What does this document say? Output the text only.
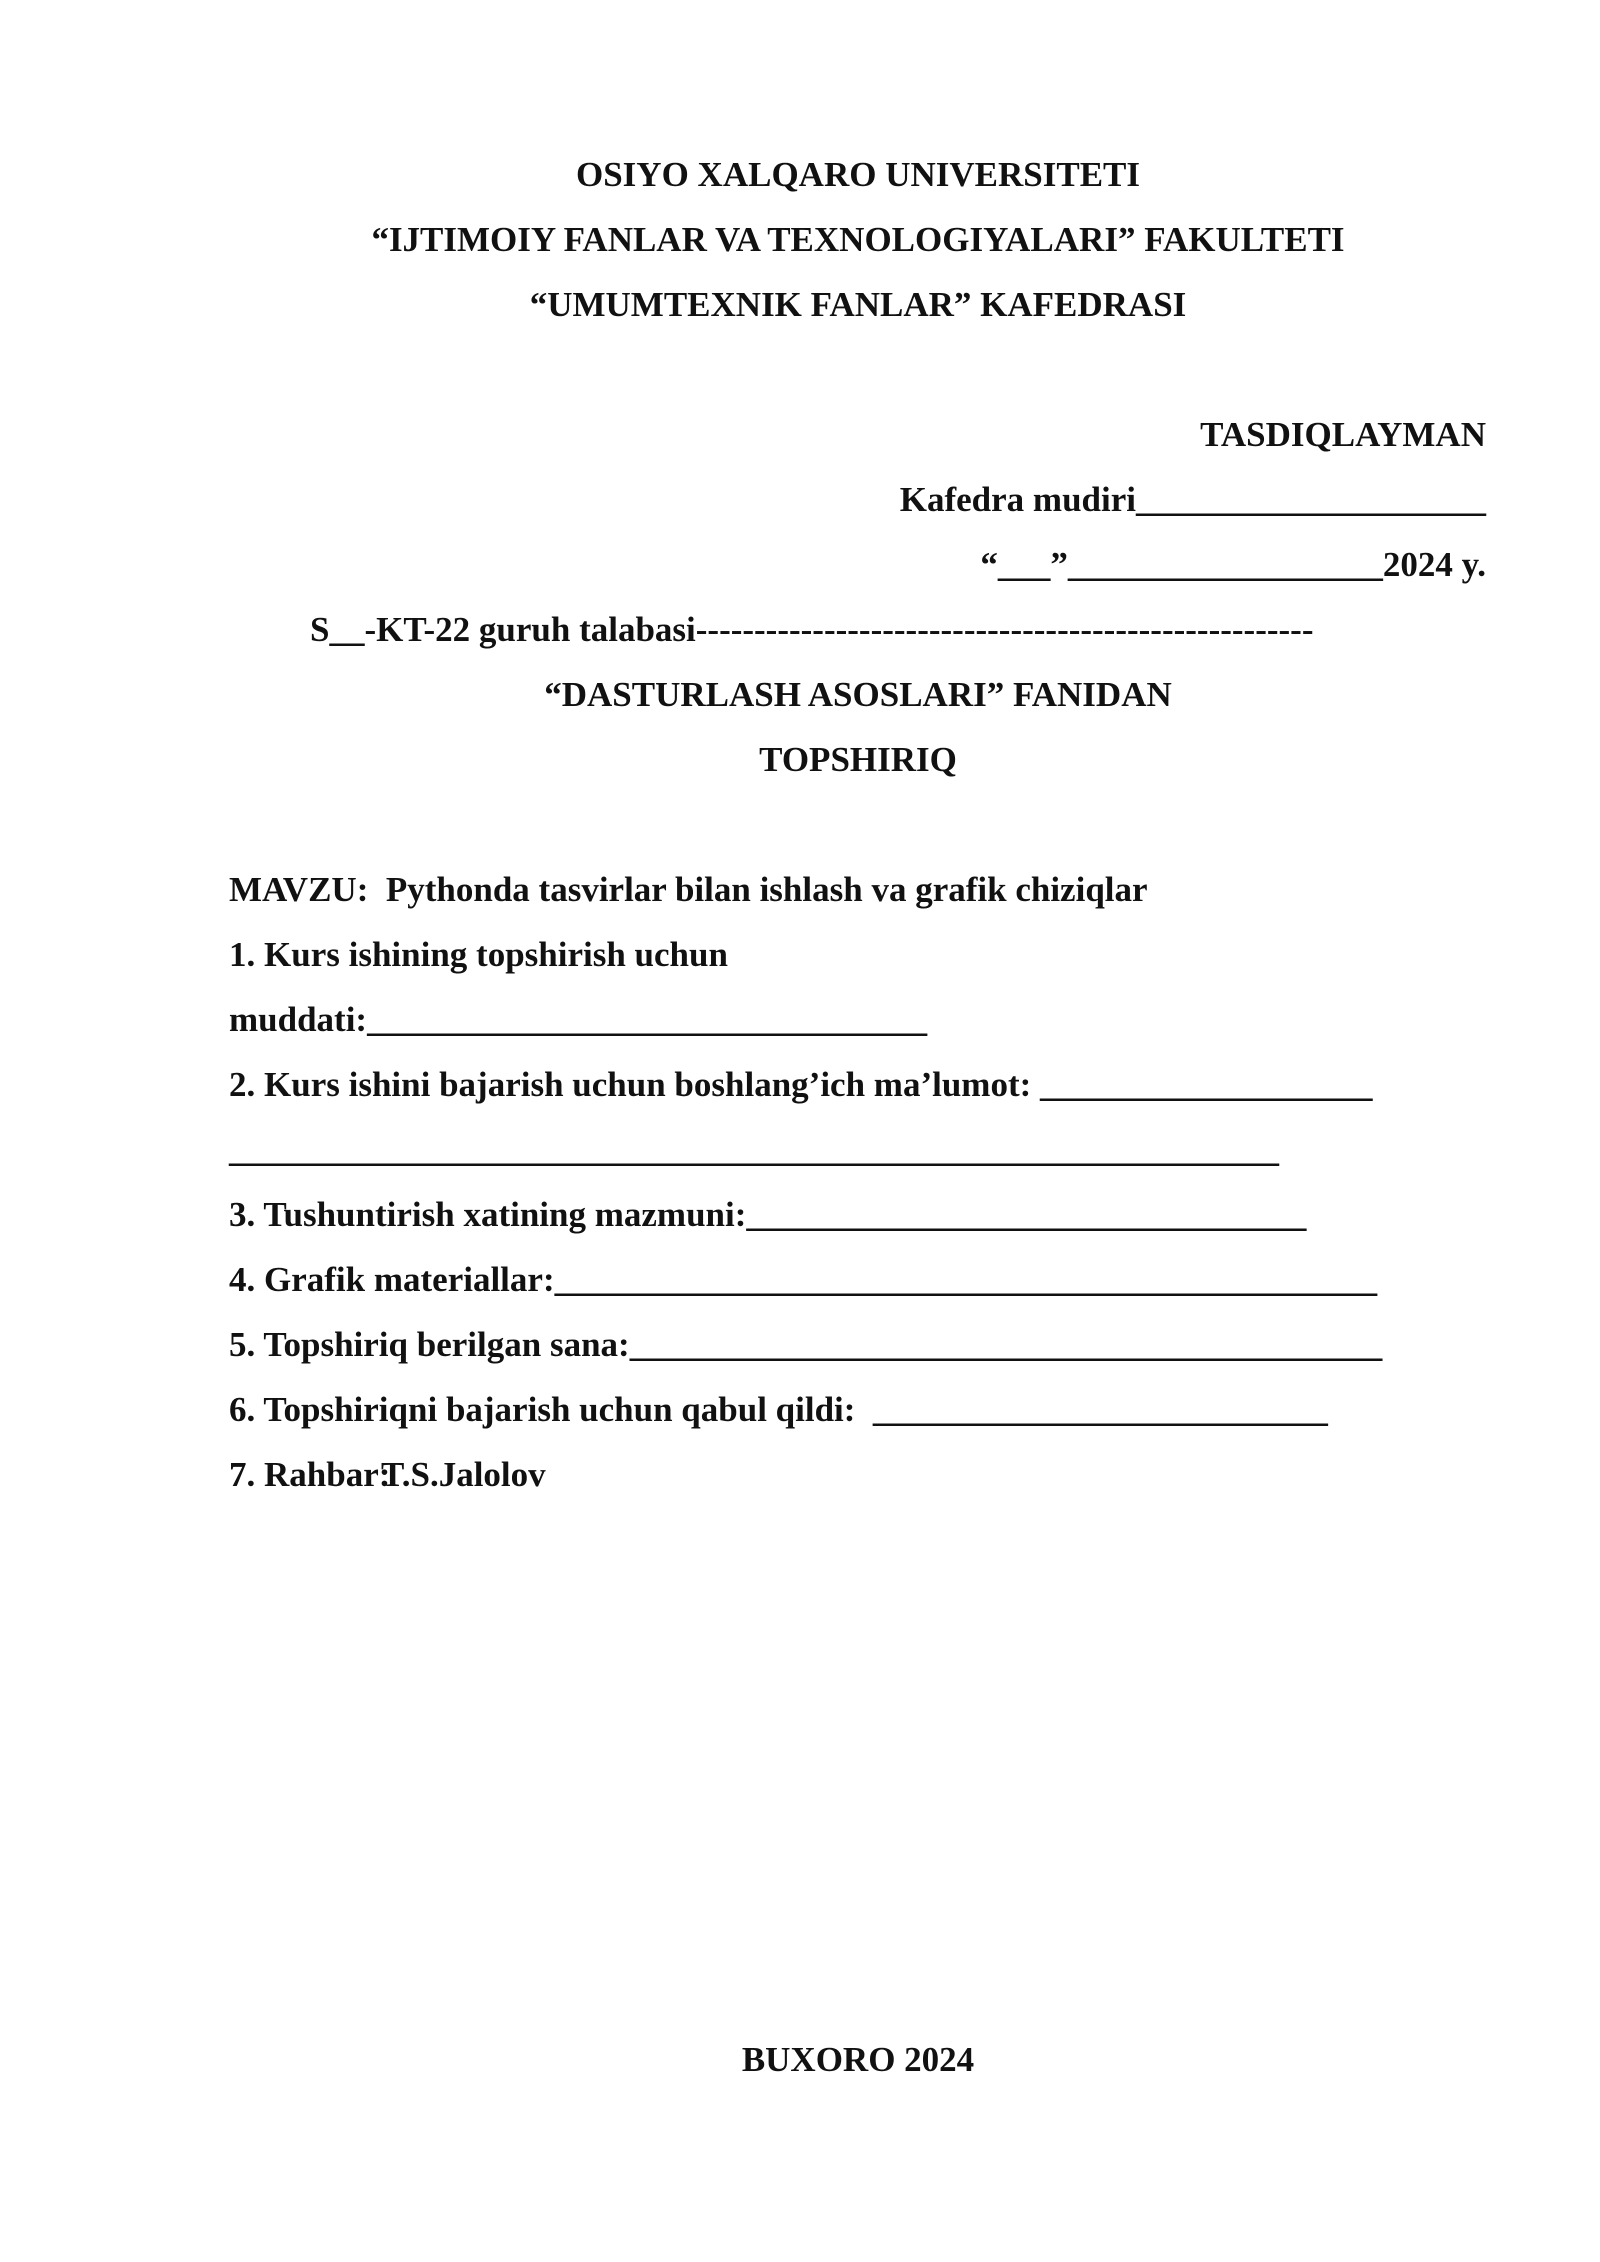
OSIYO XALQARO UNIVERSITETI
“IJTIMOIY FANLAR VA TEXNOLOGIYALARI” FAKULTETI
“UMUMTEXNIK FANLAR” KAFEDRASI
TASDIQLAYMAN
Kafedra mudiri____________________
“___”__________________2024 y.
S__-KT-22 guruh talabasi-----------------------------------------------------
“DASTURLASH ASOSLARI” FANIDAN
TOPSHIRIQ
MAVZU: Pythonda tasvirlar bilan ishlash va grafik chiziqlar
1. Kurs ishining topshirish uchun
muddati:________________________________
2. Kurs ishini bajarish uchun boshlang’ich ma’lumot: ___________________
____________________________________________________________
3. Tushuntirish xatining mazmuni:________________________________
4. Grafik materiallar:_______________________________________________
5. Topshiriq berilgan sana:___________________________________________
6. Topshiriqni bajarish uchun qabul qildi:  __________________________
7. Rahbar:T.S.Jalolov
BUXORO 2024
